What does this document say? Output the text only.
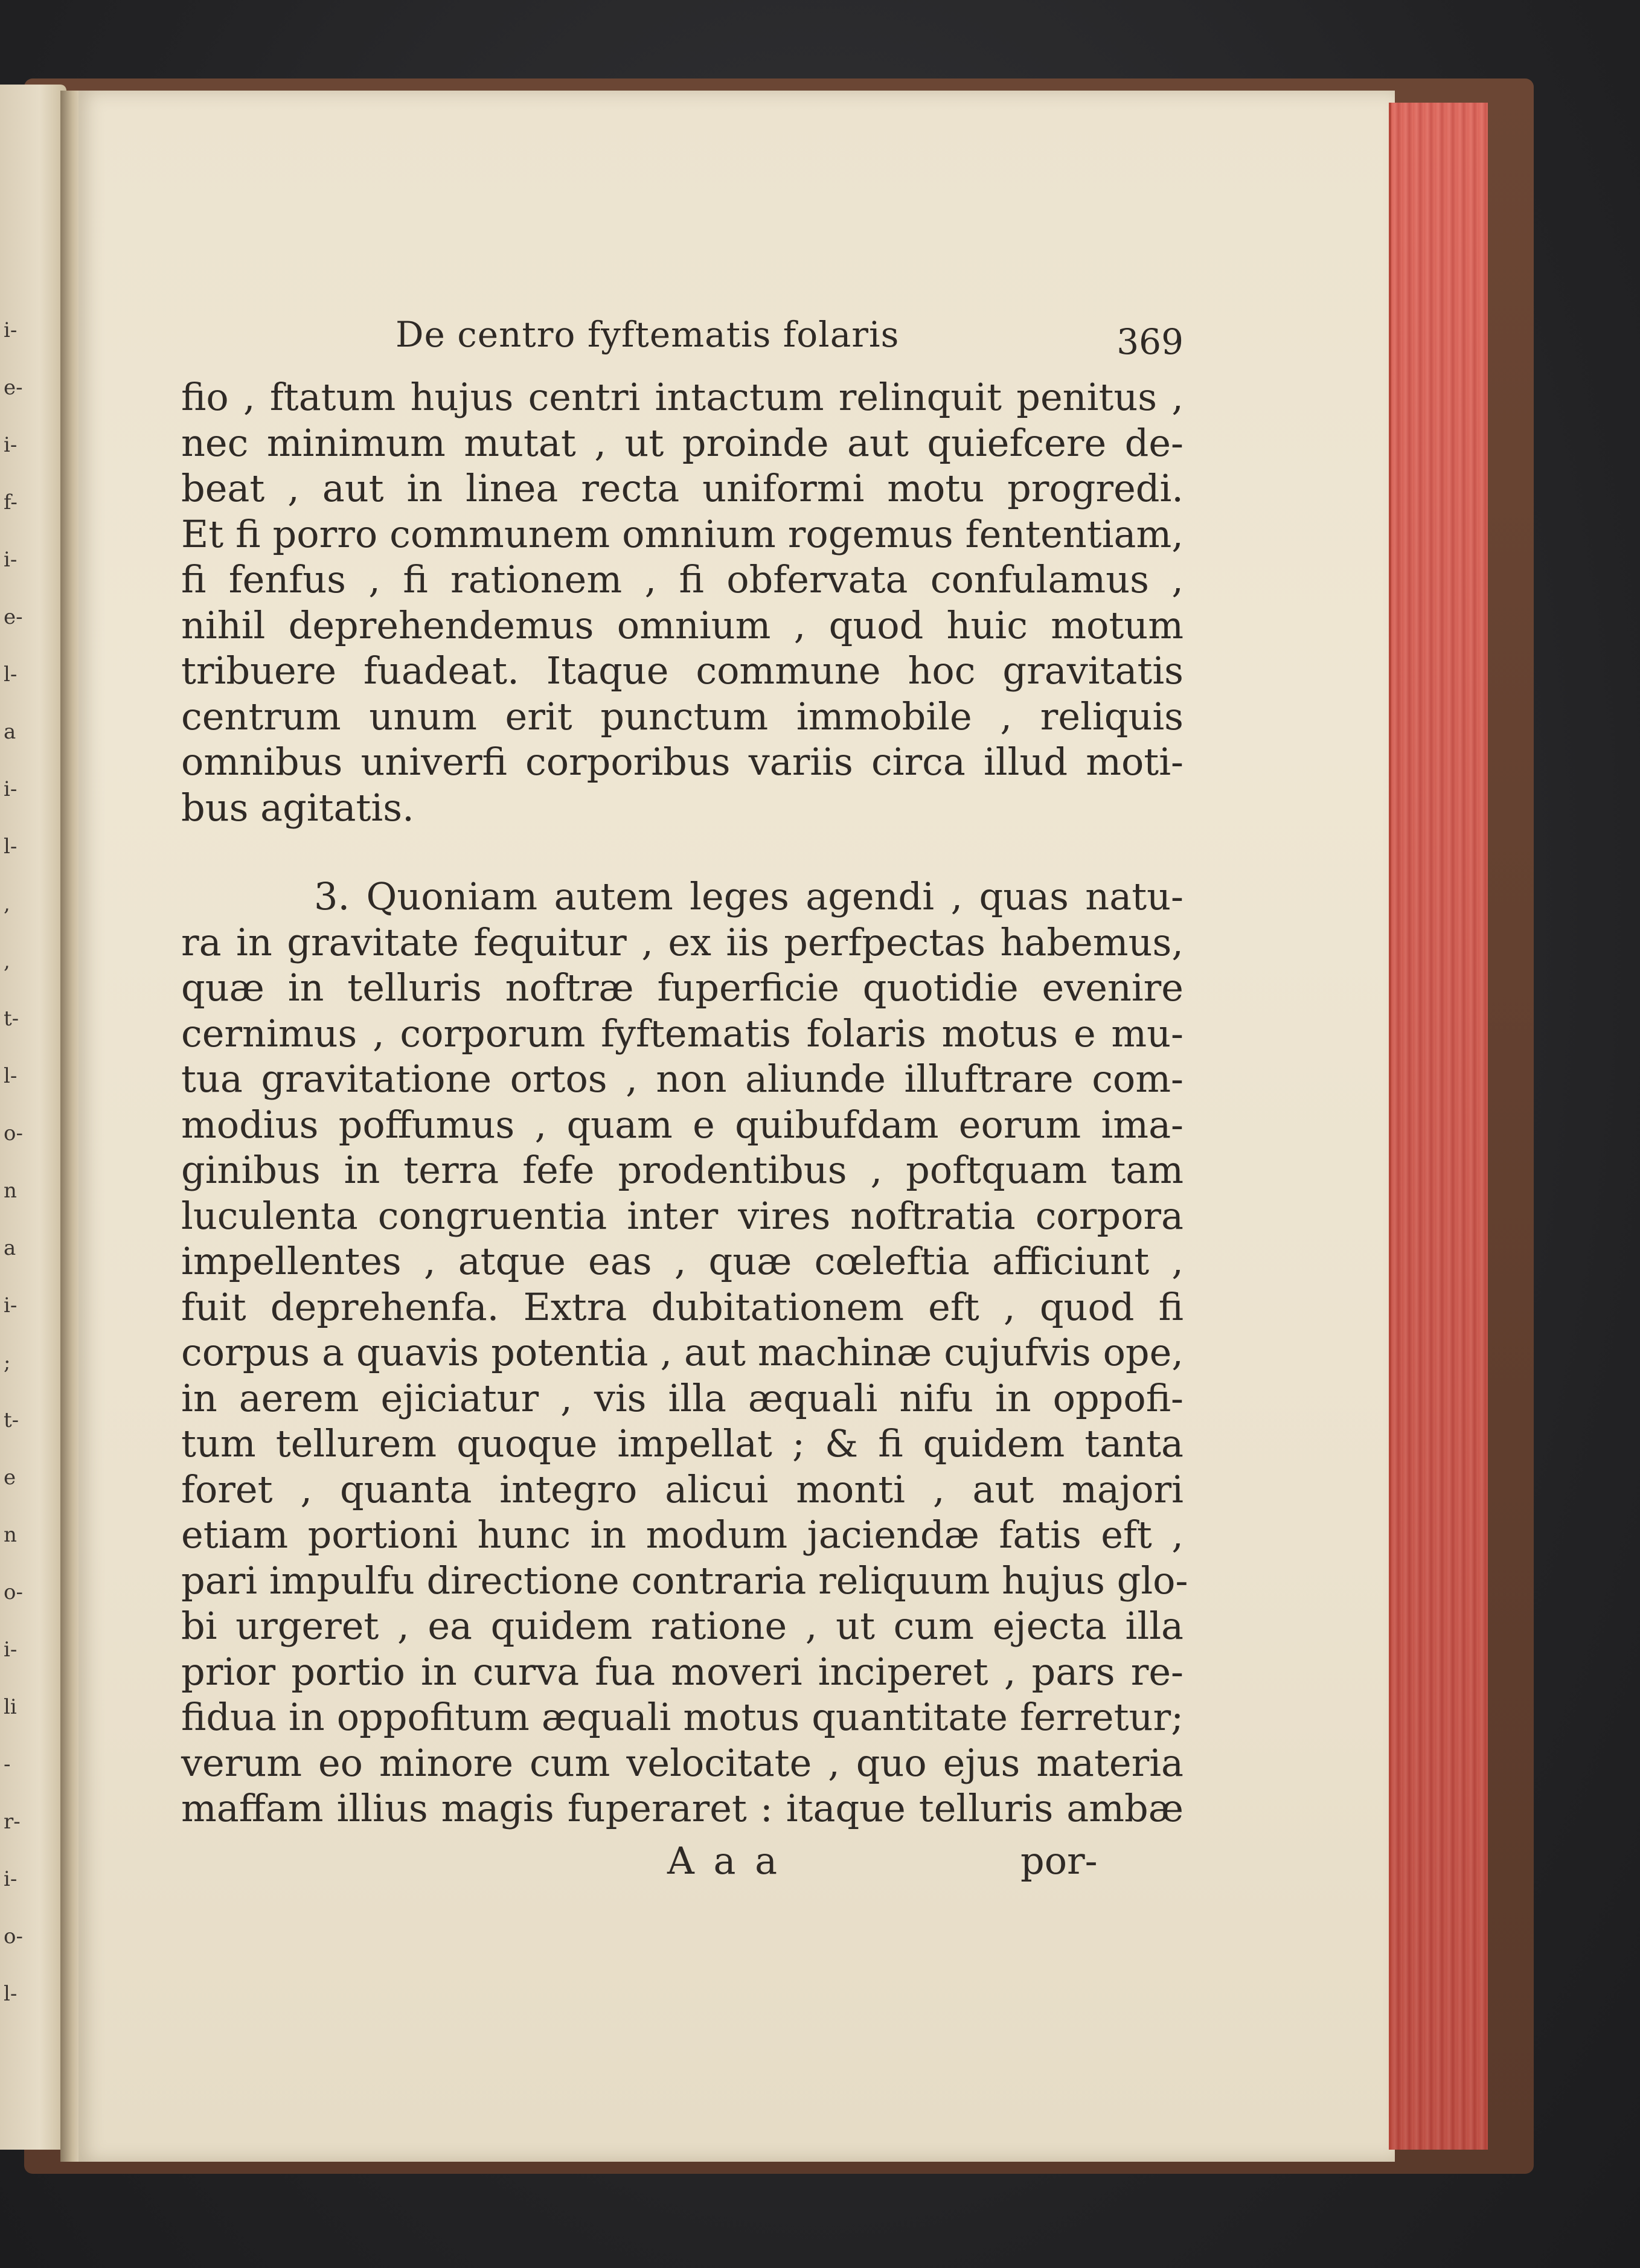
i-
e-
i-
f-
i-
e-
l-
a
i-
l-
,
,
t-
l-
o-
n
a
i-
;
t-
e
n
o-
i-
li
-
r-
i-
o-
l-
De centro fyftematis folaris	369
fio , ftatum hujus centri intactum relinquit penitus ,
nec minimum mutat , ut proinde aut quiefcere de-
beat , aut in linea recta uniformi motu progredi.
Et fi porro communem omnium rogemus fententiam,
fi fenfus , fi rationem , fi obfervata confulamus ,
nihil deprehendemus omnium , quod huic motum
tribuere fuadeat. Itaque commune hoc gravitatis
centrum unum erit punctum immobile , reliquis
omnibus univerfi corporibus variis circa illud moti-
bus agitatis.
3. Quoniam autem leges agendi , quas natu-
ra in gravitate fequitur , ex iis perfpectas habemus,
quæ in telluris noftræ fuperficie quotidie evenire
cernimus , corporum fyftematis folaris motus e mu-
tua gravitatione ortos , non aliunde illuftrare com-
modius poffumus , quam e quibufdam eorum ima-
ginibus in terra fefe prodentibus , poftquam tam
luculenta congruentia inter vires noftratia corpora
impellentes , atque eas , quæ cœleftia afficiunt ,
fuit deprehenfa. Extra dubitationem eft , quod fi
corpus a quavis potentia , aut machinæ cujufvis ope,
in aerem ejiciatur , vis illa æquali nifu in oppofi-
tum tellurem quoque impellat ; & fi quidem tanta
foret , quanta integro alicui monti , aut majori
etiam portioni hunc in modum jaciendæ fatis eft ,
pari impulfu directione contraria reliquum hujus glo-
bi urgeret , ea quidem ratione , ut cum ejecta illa
prior portio in curva fua moveri inciperet , pars re-
fidua in oppofitum æquali motus quantitate ferretur;
verum eo minore cum velocitate , quo ejus materia
maffam illius magis fuperaret : itaque telluris ambæ
A a a	por-
